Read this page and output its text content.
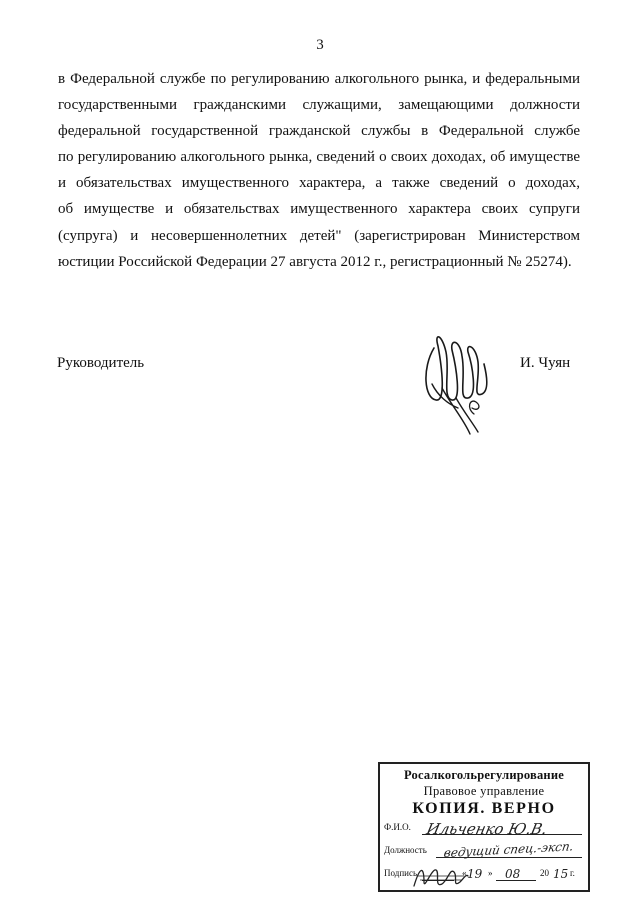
3

в Федеральной службе по регулированию алкогольного рынка, и федеральными
государственными гражданскими служащими, замещающими должности
федеральной государственной гражданской службы в Федеральной службе
по регулированию алкогольного рынка, сведений о своих доходах, об имуществе
и обязательствах имущественного характера, а также сведений о доходах,
об имуществе и обязательствах имущественного характера своих супруги
(супруга) и несовершеннолетних детей" (зарегистрирован Министерством
юстиции Российской Федерации 27 августа 2012 г., регистрационный № 25274).

Руководитель	И. Чуян
Росалкогольрегулирование
Правовое управление
КОПИЯ. ВЕРНО
Ф.И.О. Ильченко Ю.В.
Должность ведущий спец.-эксп.
Подпись	« 19 » 08 20 15 г.
